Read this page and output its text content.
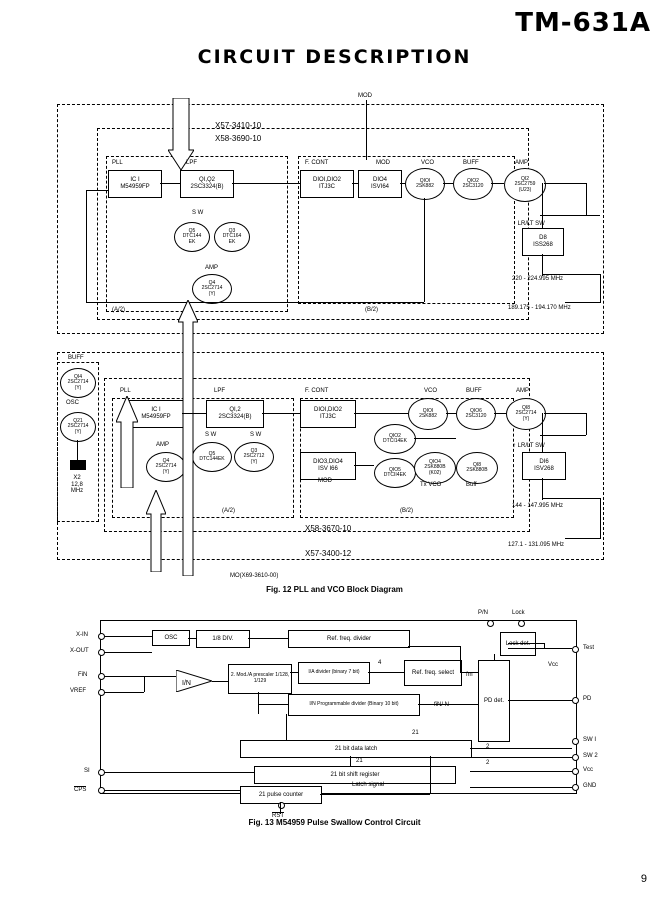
TM-631A
CIRCUIT DESCRIPTION
MOD
X57-3410-10
X58-3690-10
PLL	LPF	F. CONT	MOD	VCO	BUFF	AMP
IC I
M54959FP
QI,Q2
2SC3324(B)
DIOI,DIO2
ITJ3C
DIO4
ISVI64
D8
ISS268
QIOI
2SK882
QIO2
2SC3120
QI2
2SC2759
(U23)
S W
Q5
DTC144
EK
Q3
DTC164
EK
AMP
Q4
2SC2714
(Y)
↑ LR/LT SW
(A/2)	(B/2)
220 - 224.995 MHz
189.175 - 194.170 MHz
BUFF
QI4
2SC2714
(Y)
OSC
Q21
2SC2714
(Y)
X2
12,8
MHz
PLL	LPF	F. CONT	VCO	BUFF	AMP
IC I
M54959FP
QI,2
2SC3324(B)
DIOI,DIO2
ITJ3C
DIO3,DIO4
ISV I66
MOD
DI6
ISV268
QIOI
2SK882
QIO6
2SC3120
QI8
2SC2714
(Y)
QIO2
DTCI14EK
QIO5
DTCII4EK
QIO4
2SK880B
(K02)
QI8
2SK880B
Tx VCO	Buff
S W	S W
Q5
DTC144EK
Q3
2SC2712
(Y)
AMP
Q4
2SC2714
(Y)
↑ LR/LT SW
(A/2)	(B/2)
X58-3670-10
X57-3400-12
MO(X69-3610-00)
144 - 147.995 MHz
127.1 - 131.095 MHz
Fig. 12 PLL and VCO Block Diagram
X-IN
X-OUT
FiN
VREF
SI
CPS
Test
PD
SW I
SW 2
Vcc
GND
OSC	1/8 DIV.	Ref. freq. divider
2. Mod./A prescaler 1/128, 1/129
I/A divider (binary 7 bit)
I/N Programmable divider (Binary 10 bit)
21 bit data latch
21 bit shift register
21 pulse counter
Ref. freq. select
PD det.
Lock det.
I/N
P/N	Lock
Vcc
fiN/ N
fm
Latch signal
RST
4
21
21
2
2
Fig. 13 M54959 Pulse Swallow Control Circuit
9
